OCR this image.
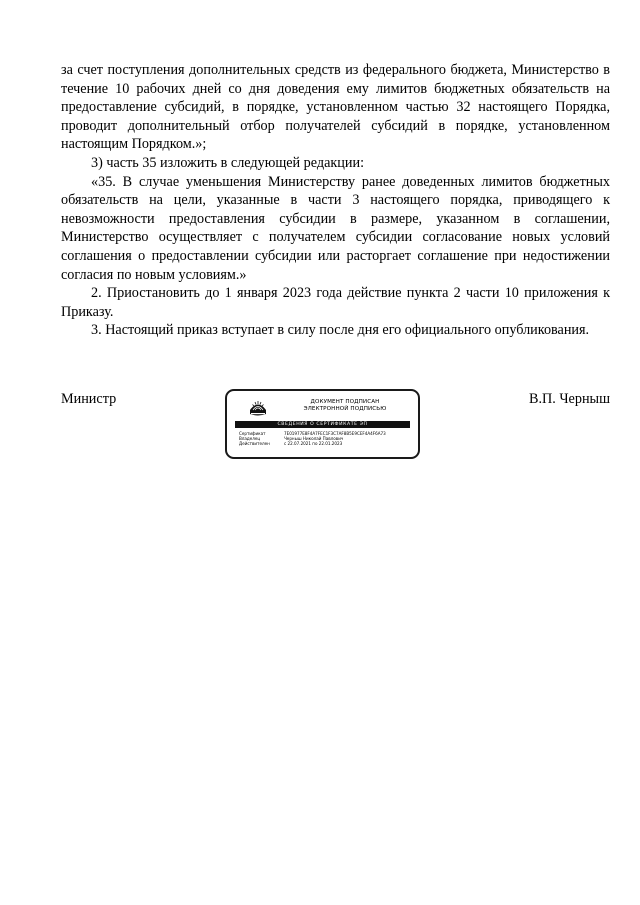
за счет поступления дополнительных средств из федерального бюджета, Министерство в течение 10 рабочих дней со дня доведения ему лимитов бюджетных обязательств на предоставление субсидий, в порядке, установленном частью 32 настоящего Порядка, проводит дополнительный отбор получателей субсидий в порядке, установленном настоящим Порядком.»;

3) часть 35 изложить в следующей редакции:

«35. В случае уменьшения Министерству ранее доведенных лимитов бюджетных обязательств на цели, указанные в части 3 настоящего порядка, приводящего к невозможности предоставления субсидии в размере, указанном в соглашении, Министерство осуществляет с получателем субсидии согласование новых условий соглашения о предоставлении субсидии или расторгает соглашение при недостижении согласия по новым условиям.»

2. Приостановить до 1 января 2023 года действие пункта 2 части 10 приложения к Приказу.

3. Настоящий приказ вступает в силу после дня его официального опубликования.

Министр	ДОКУМЕНТ ПОДПИСАН
ЭЛЕКТРОННОЙ ПОДПИСЬЮ
СВЕДЕНИЯ О СЕРТИФИКАТЕ ЭП
Сертификат	7E01977E8F4A7FEC1F3C7AF8B5E9CEF4A4F6A73
Владелец	Черныш Николай Павлович
Действителен	с 22.07.2021 по 22.01.2023
В.П. Черныш
